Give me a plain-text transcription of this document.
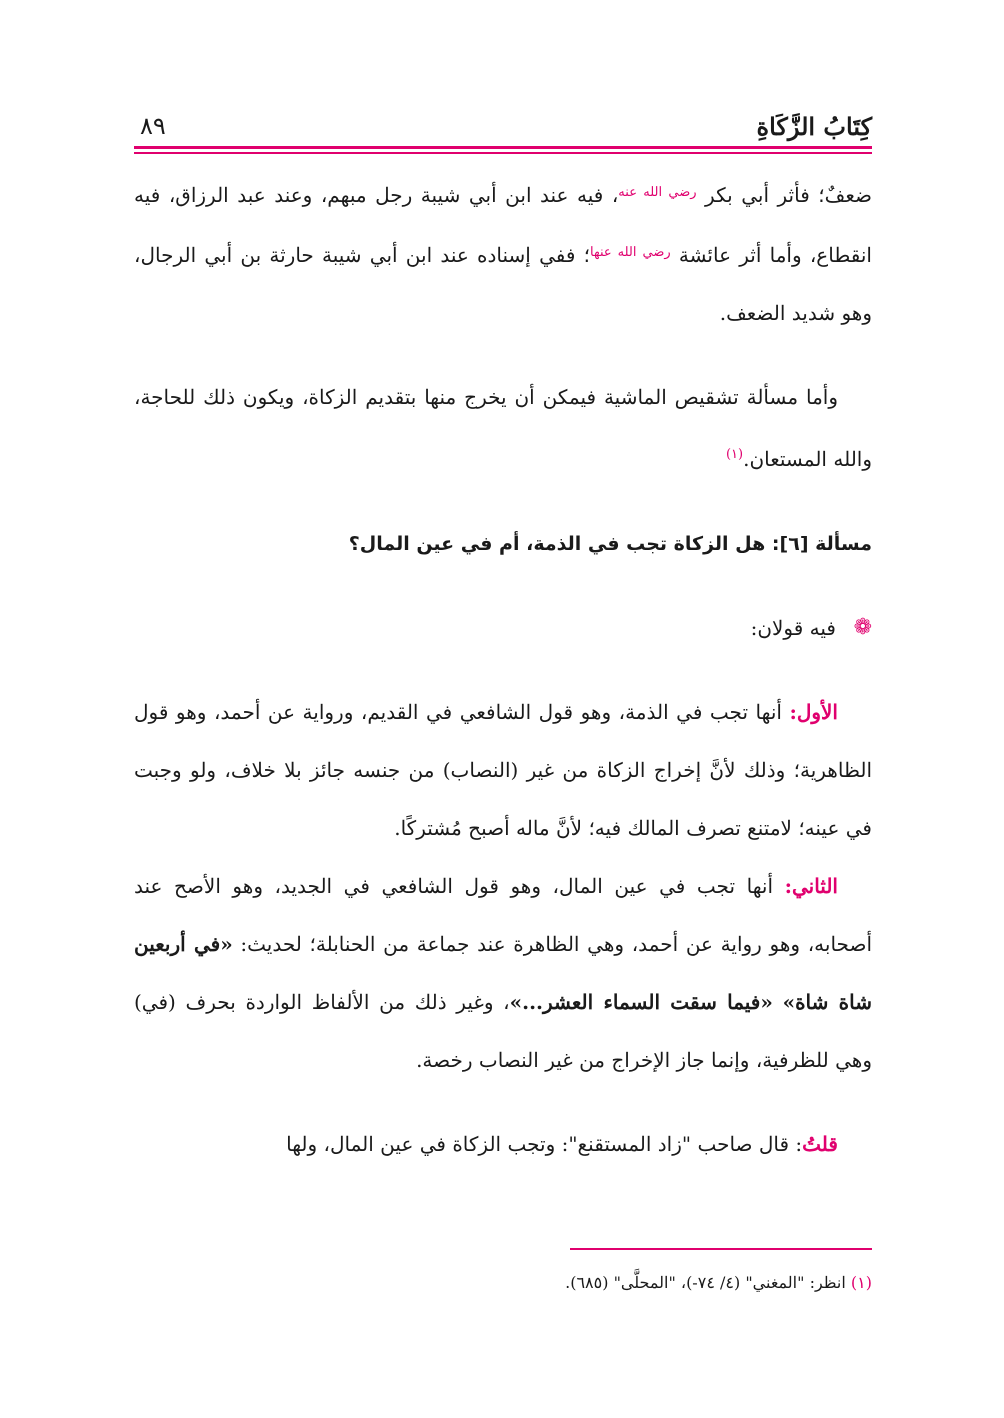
كِتَابُ الزَّكَاةِ
٨٩

ضعفٌ؛ فأثر أبي بكر $^{رضي الله عنه}$، فيه عند ابن أبي شيبة رجل مبهم، وعند عبد الرزاق، فيه انقطاع، وأما أثر عائشة $^{رضي الله عنها}$؛ ففي إسناده عند ابن أبي شيبة حارثة بن أبي الرجال، وهو شديد الضعف.

وأما مسألة تشقيص الماشية فيمكن أن يخرج منها بتقديم الزكاة، ويكون ذلك للحاجة، والله المستعان.$^{(١)}$

مسألة [٦]: هل الزكاة تجب في الذمة، أم في عين المال؟

❁
فيه قولان:

الأول: أنها تجب في الذمة، وهو قول الشافعي في القديم، ورواية عن أحمد، وهو قول الظاهرية؛ وذلك لأنَّ إخراج الزكاة من غير (النصاب) من جنسه جائز بلا خلاف، ولو وجبت في عينه؛ لامتنع تصرف المالك فيه؛ لأنَّ ماله أصبح مُشتركًا.

الثاني: أنها تجب في عين المال، وهو قول الشافعي في الجديد، وهو الأصح عند أصحابه، وهو رواية عن أحمد، وهي الظاهرة عند جماعة من الحنابلة؛ لحديث: «في أربعين شاة شاة» «فيما سقت السماء العشر...»، وغير ذلك من الألفاظ الواردة بحرف (في) وهي للظرفية، وإنما جاز الإخراج من غير النصاب رخصة.

قلتُ: قال صاحب "زاد المستقنع": وتجب الزكاة في عين المال، ولها

(١) انظر: "المغني" (٤/ ٧٤-)، "المحلَّى" (٦٨٥).
